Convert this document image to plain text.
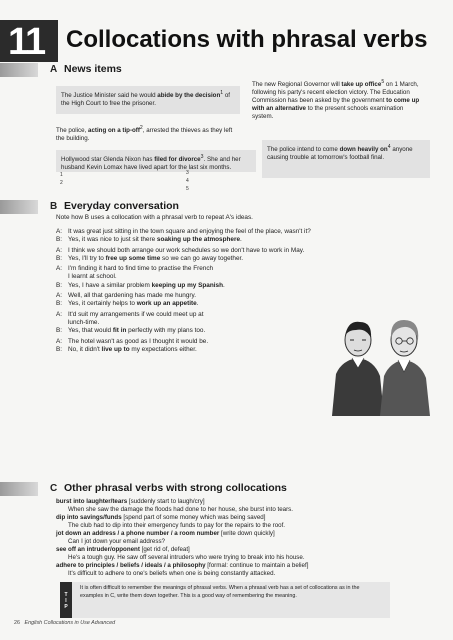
11 Collocations with phrasal verbs
A News items
The Justice Minister said he would abide by the decision$^1$ of the High Court to free the prisoner.
The police, acting on a tip-off$^2$, arrested the thieves as they left the building.
Hollywood star Glenda Nixon has filed for divorce$^3$. She and her husband Kevin Lomax have lived apart for the last six months.
The new Regional Governor will take up office$^5$ on 1 March, following his party's recent election victory. The Education Commission has been asked by the government to come up with an alternative to the present schools examination system.
The police intend to come down heavily $on^4$ anyone causing trouble at tomorrow's football final.
1
2
3
4
5
B Everyday conversation
Note how B uses a collocation with a phrasal verb to repeat A's ideas.
A: It was great just sitting in the town square and enjoying the feel of the place, wasn't it?
B: Yes, it was nice to just sit there soaking up the atmosphere.
A: I think we should both arrange our work schedules so we don't have to work in May.
B: Yes, I'll try to free up some time so we can go away together.
A: I'm finding it hard to find time to practise the French
I learnt at school.
B: Yes, I have a similar problem keeping up my Spanish.
A: Well, all that gardening has made me hungry.
B: Yes, it certainly helps to work up an appetite.
A: It'd suit my arrangements if we could meet up at
lunch-time.
B: Yes, that would fit in perfectly with my plans too.
A: The hotel wasn't as good as I thought it would be.
B: No, it didn't live up to my expectations either.
C Other phrasal verbs with strong collocations
burst into laughter/tears [suddenly start to laugh/cry]
When she saw the damage the floods had done to her house, she burst into tears.
dip into savings/funds [spend part of some money which was being saved]
The club had to dip into their emergency funds to pay for the repairs to the roof.
jot down an address / a phone number / a room number [write down quickly]
Can I jot down your email address?
see off an intruder/opponent [get rid of, defeat]
He's a tough guy. He saw off several intruders who were trying to break into his house.
adhere to principles / beliefs / ideals / a philosophy [formal: continue to maintain a belief]
It's difficult to adhere to one's beliefs when one is being constantly attacked.
T
I
P
It is often difficult to remember the meanings of phrasal verbs. When a phrasal verb has a set of collocations as in the examples in C, write them down together. This is a good way of remembering the meaning.
26 English Collocations in Use Advanced
